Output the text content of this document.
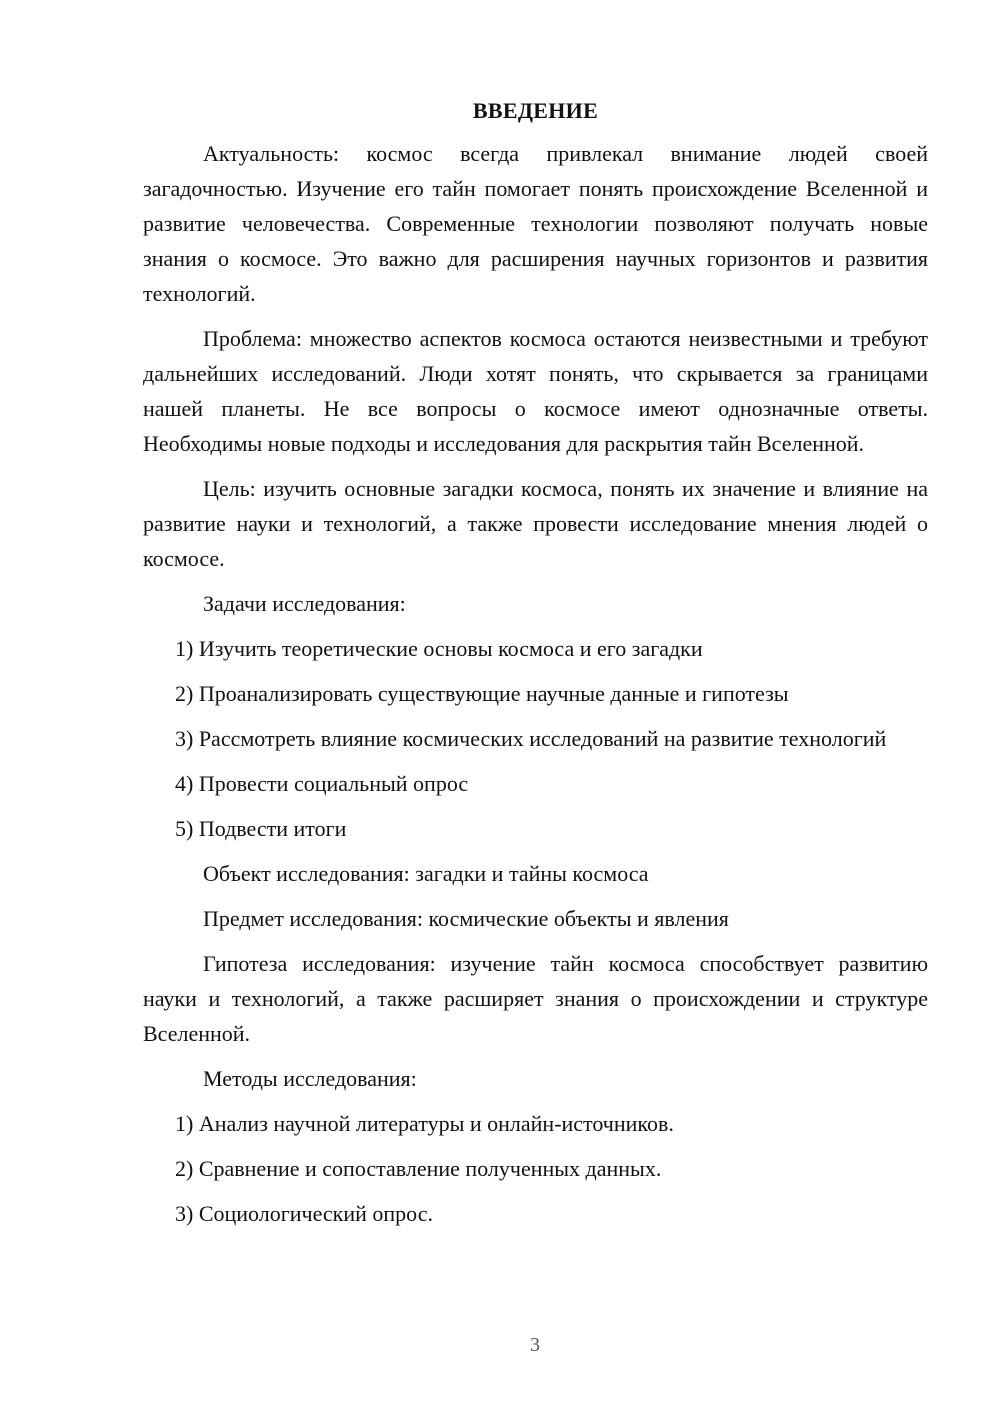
ВВЕДЕНИЕ
Актуальность: космос всегда привлекал внимание людей своей загадочностью. Изучение его тайн помогает понять происхождение Вселенной и развитие человечества. Современные технологии позволяют получать новые знания о космосе. Это важно для расширения научных горизонтов и развития технологий.
Проблема: множество аспектов космоса остаются неизвестными и требуют дальнейших исследований. Люди хотят понять, что скрывается за границами нашей планеты. Не все вопросы о космосе имеют однозначные ответы. Необходимы новые подходы и исследования для раскрытия тайн Вселенной.
Цель: изучить основные загадки космоса, понять их значение и влияние на развитие науки и технологий, а также провести исследование мнения людей о космосе.
Задачи исследования:
1) Изучить теоретические основы космоса и его загадки
2) Проанализировать существующие научные данные и гипотезы
3) Рассмотреть влияние космических исследований на развитие технологий
4) Провести социальный опрос
5) Подвести итоги
Объект исследования: загадки и тайны космоса
Предмет исследования: космические объекты и явления
Гипотеза исследования: изучение тайн космоса способствует развитию науки и технологий, а также расширяет знания о происхождении и структуре Вселенной.
Методы исследования:
1) Анализ научной литературы и онлайн-источников.
2) Сравнение и сопоставление полученных данных.
3) Социологический опрос.
3
